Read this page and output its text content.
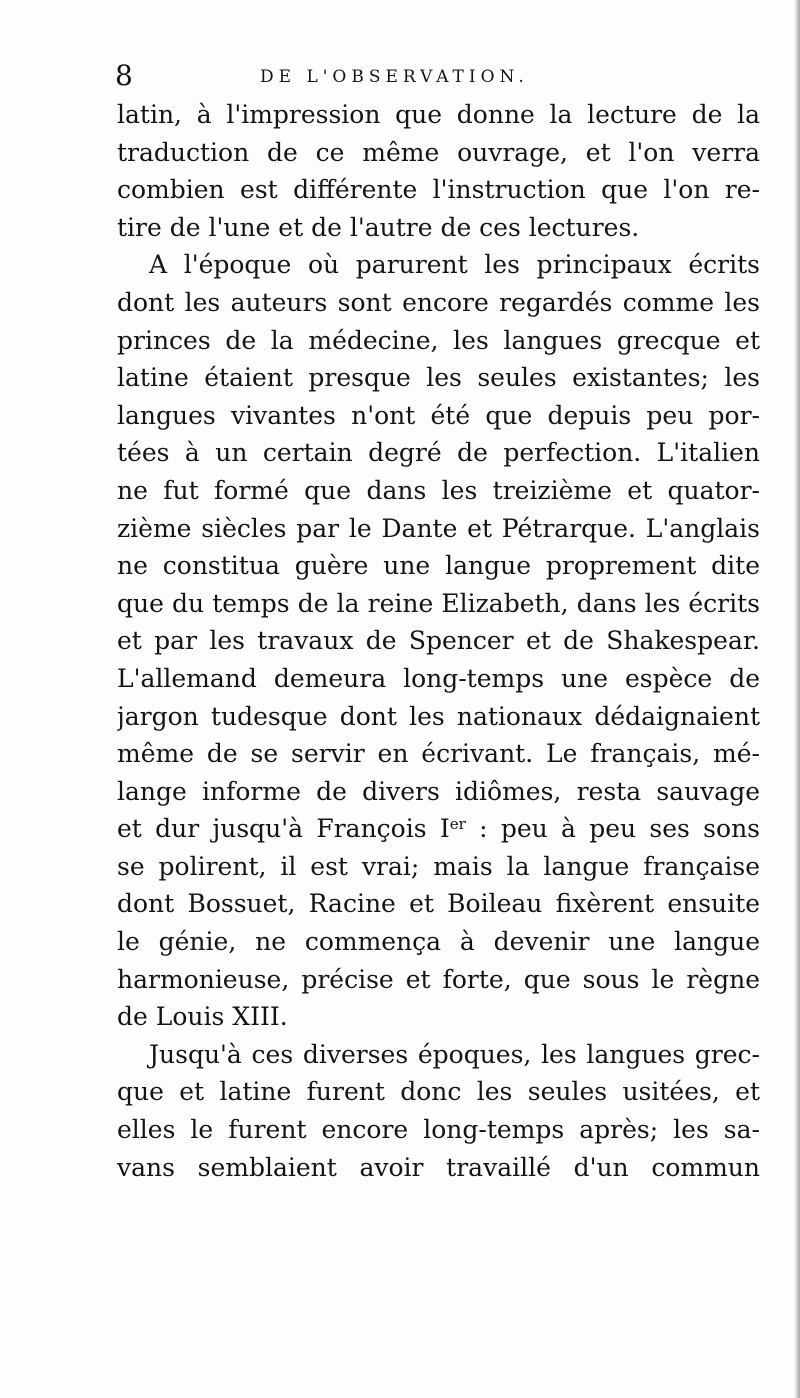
8	DE L'OBSERVATION.

latin, à l'impression que donne la lecture de la
traduction de ce même ouvrage, et l'on verra
combien est différente l'instruction que l'on re-
tire de l'une et de l'autre de ces lectures.

A l'époque où parurent les principaux écrits
dont les auteurs sont encore regardés comme les
princes de la médecine, les langues grecque et
latine étaient presque les seules existantes; les
langues vivantes n'ont été que depuis peu por-
tées à un certain degré de perfection. L'italien
ne fut formé que dans les treizième et quator-
zième siècles par le Dante et Pétrarque. L'anglais
ne constitua guère une langue proprement dite
que du temps de la reine Elizabeth, dans les écrits
et par les travaux de Spencer et de Shakespear.
L'allemand demeura long-temps une espèce de
jargon tudesque dont les nationaux dédaignaient
même de se servir en écrivant. Le français, mé-
lange informe de divers idiômes, resta sauvage
et dur jusqu'à François Ier : peu à peu ses sons
se polirent, il est vrai; mais la langue française
dont Bossuet, Racine et Boileau fixèrent ensuite
le génie, ne commença à devenir une langue
harmonieuse, précise et forte, que sous le règne
de Louis XIII.

Jusqu'à ces diverses époques, les langues grec-
que et latine furent donc les seules usitées, et
elles le furent encore long-temps après; les sa-
vans semblaient avoir travaillé d'un commun
